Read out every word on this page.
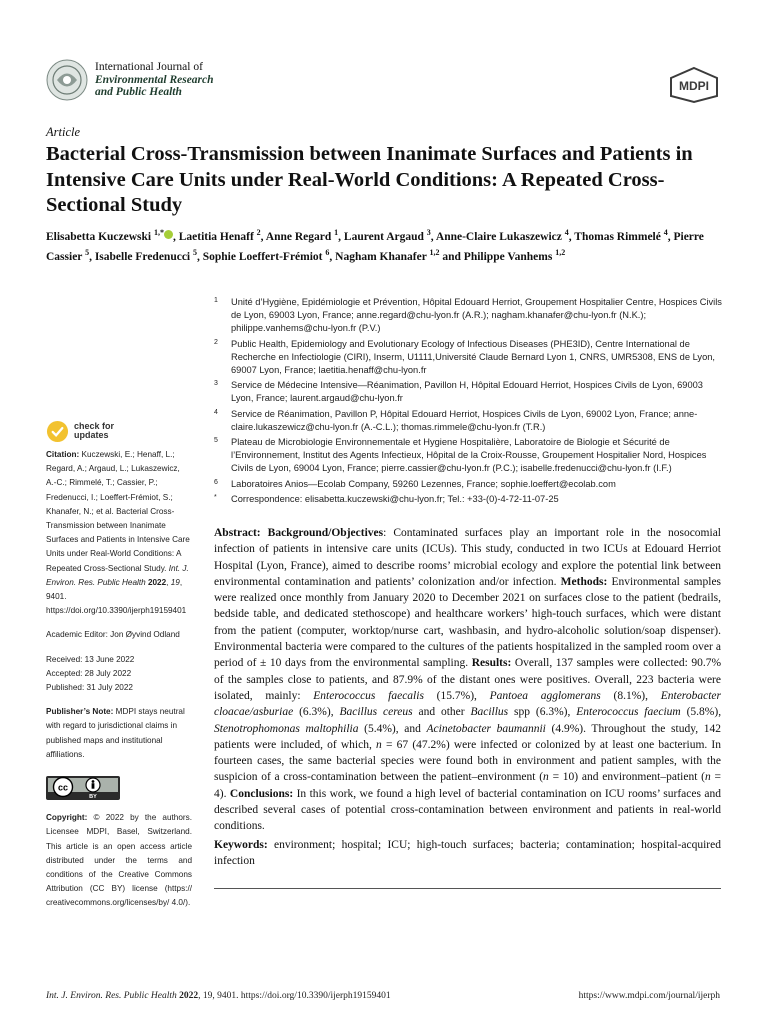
International Journal of
Environmental Research
and Public Health	MDPI
Article
Bacterial Cross-Transmission between Inanimate Surfaces and Patients in Intensive Care Units under Real-World Conditions: A Repeated Cross-Sectional Study
Elisabetta Kuczewski $^{1,*}$ , Laetitia Henaff $^2$, Anne Regard $^1$, Laurent Argaud $^3$, Anne-Claire Lukaszewicz $^4$, Thomas Rimmelé $^4$, Pierre Cassier $^5$, Isabelle Fredenucci $^5$, Sophie Loeffert-Frémiot $^6$, Nagham Khanafer $^{1,2}$ and Philippe Vanhems $^{1,2}$
1 Unité d’Hygiène, Epidémiologie et Prévention, Hôpital Edouard Herriot, Groupement Hospitalier Centre, Hospices Civils de Lyon, 69003 Lyon, France; anne.regard@chu-lyon.fr (A.R.); nagham.khanafer@chu-lyon.fr (N.K.); philippe.vanhems@chu-lyon.fr (P.V.)
2 Public Health, Epidemiology and Evolutionary Ecology of Infectious Diseases (PHE3ID), Centre International de Recherche en Infectiologie (CIRI), Inserm, U1111,Université Claude Bernard Lyon 1, CNRS, UMR5308, ENS de Lyon, 69007 Lyon, France; laetitia.henaff@chu-lyon.fr
3 Service de Médecine Intensive—Réanimation, Pavillon H, Hôpital Edouard Herriot, Hospices Civils de Lyon, 69003 Lyon, France; laurent.argaud@chu-lyon.fr
4 Service de Réanimation, Pavillon P, Hôpital Edouard Herriot, Hospices Civils de Lyon, 69002 Lyon, France; anne-claire.lukaszewicz@chu-lyon.fr (A.-C.L.); thomas.rimmele@chu-lyon.fr (T.R.)
5 Plateau de Microbiologie Environnementale et Hygiene Hospitalière, Laboratoire de Biologie et Sécurité de l’Environnement, Institut des Agents Infectieux, Hôpital de la Croix-Rousse, Groupement Hospitalier Nord, Hospices Civils de Lyon, 69004 Lyon, France; pierre.cassier@chu-lyon.fr (P.C.); isabelle.fredenucci@chu-lyon.fr (I.F.)
6 Laboratoires Anios—Ecolab Company, 59260 Lezennes, France; sophie.loeffert@ecolab.com
* Correspondence: elisabetta.kuczewski@chu-lyon.fr; Tel.: +33-(0)-4-72-11-07-25
check for
updates
Citation: Kuczewski, E.; Henaff, L.; Regard, A.; Argaud, L.; Lukaszewicz, A.-C.; Rimmelé, T.; Cassier, P.; Fredenucci, I.; Loeffert-Frémiot, S.; Khanafer, N.; et al. Bacterial Cross-Transmission between Inanimate Surfaces and Patients in Intensive Care Units under Real-World Conditions: A Repeated Cross-Sectional Study. Int. J. Environ. Res. Public Health 2022, 19, 9401. https://doi.org/10.3390/ijerph19159401
Academic Editor: Jon Øyvind Odland
Received: 13 June 2022
Accepted: 28 July 2022
Published: 31 July 2022
Publisher’s Note: MDPI stays neutral with regard to jurisdictional claims in published maps and institutional affiliations.
cc
BY
Copyright: © 2022 by the authors. Licensee MDPI, Basel, Switzerland. This article is an open access article distributed under the terms and conditions of the Creative Commons Attribution (CC BY) license (https:// creativecommons.org/licenses/by/ 4.0/).
Abstract: Background/Objectives: Contaminated surfaces play an important role in the nosocomial infection of patients in intensive care units (ICUs). This study, conducted in two ICUs at Edouard Herriot Hospital (Lyon, France), aimed to describe rooms’ microbial ecology and explore the potential link between environmental contamination and patients’ colonization and/or infection. Methods: Environmental samples were realized once monthly from January 2020 to December 2021 on surfaces close to the patient (bedrails, bedside table, and dedicated stethoscope) and healthcare workers’ high-touch surfaces, which were distant from the patient (computer, worktop/nurse cart, washbasin, and hydro-alcoholic solution/soap dispenser). Environmental bacteria were compared to the cultures of the patients hospitalized in the sampled room over a period of ± 10 days from the environmental sampling. Results: Overall, 137 samples were collected: 90.7% of the samples close to patients, and 87.9% of the distant ones were positives. Overall, 223 bacteria were isolated, mainly: Enterococcus faecalis (15.7%), Pantoea agglomerans (8.1%), Enterobacter cloacae/asburiae (6.3%), Bacillus cereus and other Bacillus spp (6.3%), Enterococcus faecium (5.8%), Stenotrophomonas maltophilia (5.4%), and Acinetobacter baumannii (4.9%). Throughout the study, 142 patients were included, of which, n = 67 (47.2%) were infected or colonized by at least one bacterium. In fourteen cases, the same bacterial species were found both in environment and patient samples, with the suspicion of a cross-contamination between the patient–environment (n = 10) and environment–patient (n = 4). Conclusions: In this work, we found a high level of bacterial contamination on ICU rooms’ surfaces and described several cases of potential cross-contamination between environment and patients in real-world conditions.
Keywords: environment; hospital; ICU; high-touch surfaces; bacteria; contamination; hospital-acquired infection
Int. J. Environ. Res. Public Health 2022, 19, 9401. https://doi.org/10.3390/ijerph19159401	https://www.mdpi.com/journal/ijerph
